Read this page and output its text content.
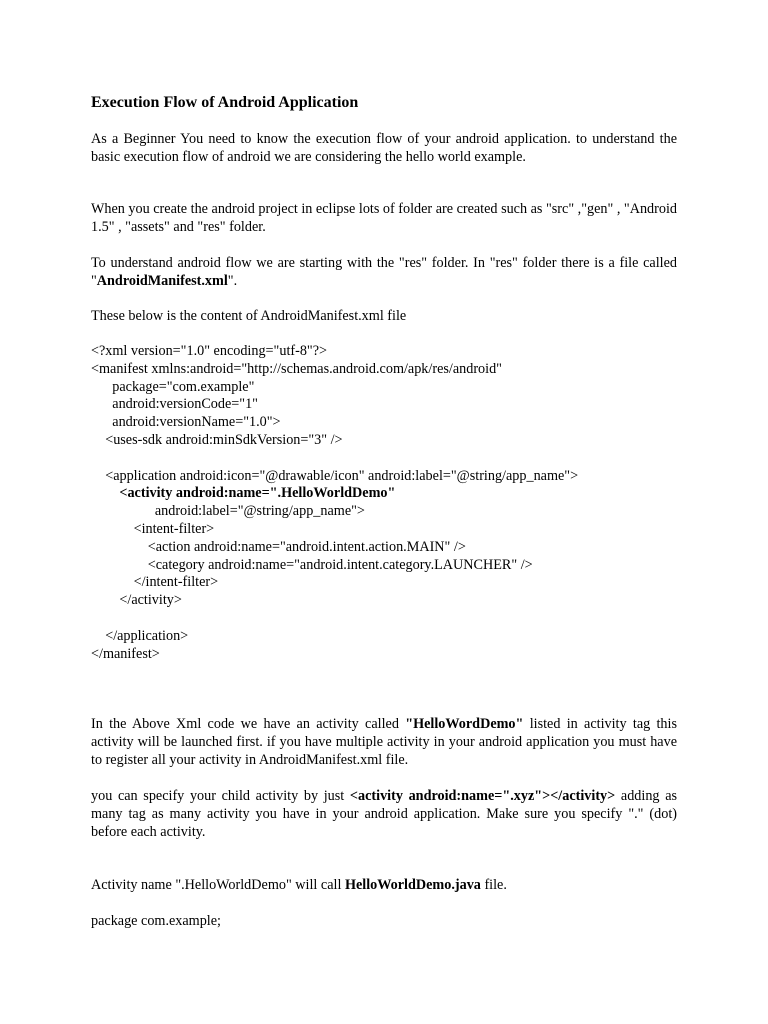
Execution Flow of Android Application
As a Beginner You need to know the execution flow of your android application. to understand the basic execution flow of android we are considering the hello world example.
When you create the android project in eclipse lots of folder are created such as "src" ,"gen" , "Android 1.5" , "assets" and "res" folder.
To understand android flow we are starting with the "res" folder. In "res" folder there is a file called "AndroidManifest.xml".
These below is the content of AndroidManifest.xml file
<?xml version="1.0" encoding="utf-8"?>
<manifest xmlns:android="http://schemas.android.com/apk/res/android"
package="com.example"
android:versionCode="1"
android:versionName="1.0">
<uses-sdk android:minSdkVersion="3" />
<application android:icon="@drawable/icon" android:label="@string/app_name">
<activity android:name=".HelloWorldDemo"
android:label="@string/app_name">
<intent-filter>
<action android:name="android.intent.action.MAIN" />
<category android:name="android.intent.category.LAUNCHER" />
</intent-filter>
</activity>
</application>
</manifest>
In the Above Xml code we have an activity called "HelloWordDemo" listed in activity tag this activity will be launched first. if you have multiple activity in your android application you must have to register all your activity in AndroidManifest.xml file.
you can specify your child activity by just <activity android:name=".xyz"></activity> adding as many tag as many activity you have in your android application. Make sure you specify "." (dot) before each activity.
Activity name ".HelloWorldDemo" will call HelloWorldDemo.java file.
package com.example;
